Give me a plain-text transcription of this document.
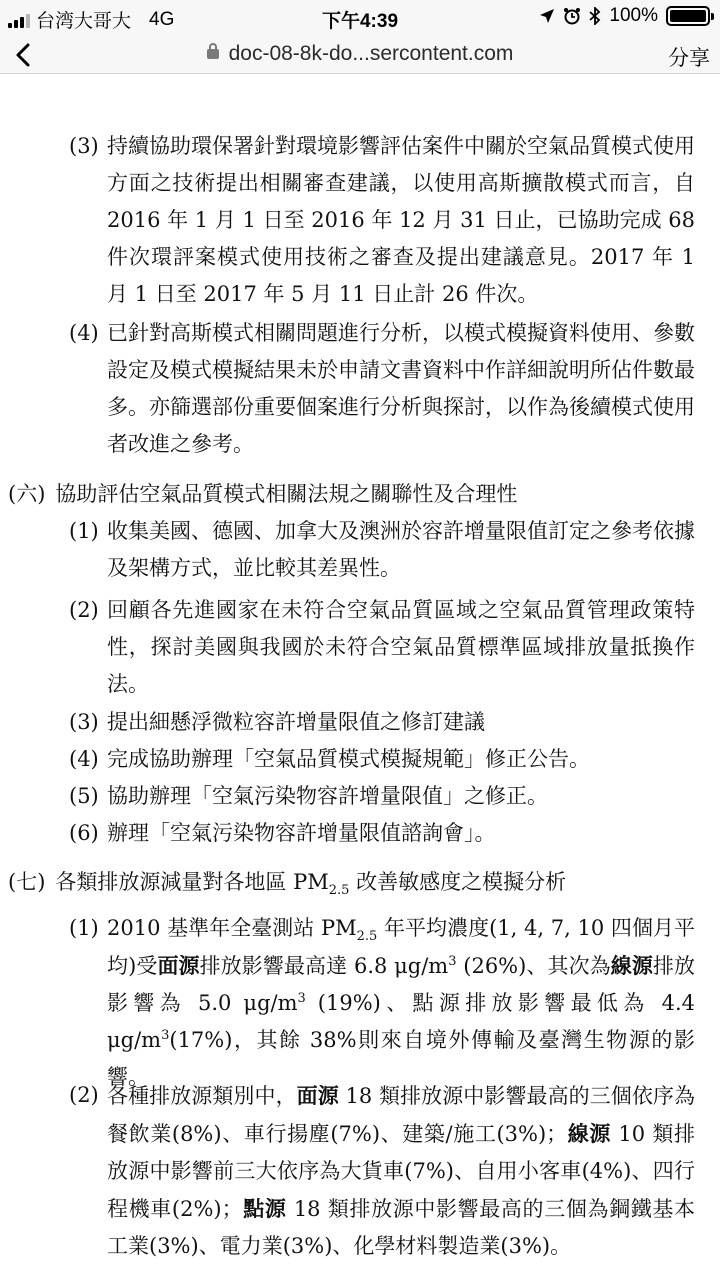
台湾大哥大 4G	下午4:39	100%
doc-08-8k-do...sercontent.com	分享
(3) 持續協助環保署針對環境影響評估案件中關於空氣品質模式使用方面之技術提出相關審查建議，以使用高斯擴散模式而言，自 2016 年 1 月 1 日至 2016 年 12 月 31 日止，已協助完成 68 件次環評案模式使用技術之審查及提出建議意見。2017 年 1 月 1 日至 2017 年 5 月 11 日止計 26 件次。
(4) 已針對高斯模式相關問題進行分析，以模式模擬資料使用、參數設定及模式模擬結果未於申請文書資料中作詳細說明所佔件數最多。亦篩選部份重要個案進行分析與探討，以作為後續模式使用者改進之參考。
(六) 協助評估空氣品質模式相關法規之關聯性及合理性
(1) 收集美國、德國、加拿大及澳洲於容許增量限值訂定之參考依據及架構方式，並比較其差異性。
(2) 回顧各先進國家在未符合空氣品質區域之空氣品質管理政策特性，探討美國與我國於未符合空氣品質標準區域排放量抵換作法。
(3) 提出細懸浮微粒容許增量限值之修訂建議
(4) 完成協助辦理「空氣品質模式模擬規範」修正公告。
(5) 協助辦理「空氣污染物容許增量限值」之修正。
(6) 辦理「空氣污染物容許增量限值諮詢會」。
(七) 各類排放源減量對各地區 $PM_{2.5}$ 改善敏感度之模擬分析
(1) 2010 基準年全臺測站 $PM_{2.5}$ 年平均濃度(1, 4, 7, 10 四個月平均)受面源排放影響最高達 6.8 $\mu g/m^3$ (26%)、其次為線源排放影響為 5.0 $\mu g/m^3$ (19%)、點源排放影響最低為 4.4 $\mu g/m^3(17\%)$，其餘 38%則來自境外傳輸及臺灣生物源的影響。
(2) 各種排放源類別中，面源 18 類排放源中影響最高的三個依序為餐飲業(8%)、車行揚塵(7%)、建築/施工(3%)；線源 10 類排放源中影響前三大依序為大貨車(7%)、自用小客車(4%)、四行程機車(2%)；點源 18 類排放源中影響最高的三個為鋼鐵基本工業(3%)、電力業(3%)、化學材料製造業(3%)。
